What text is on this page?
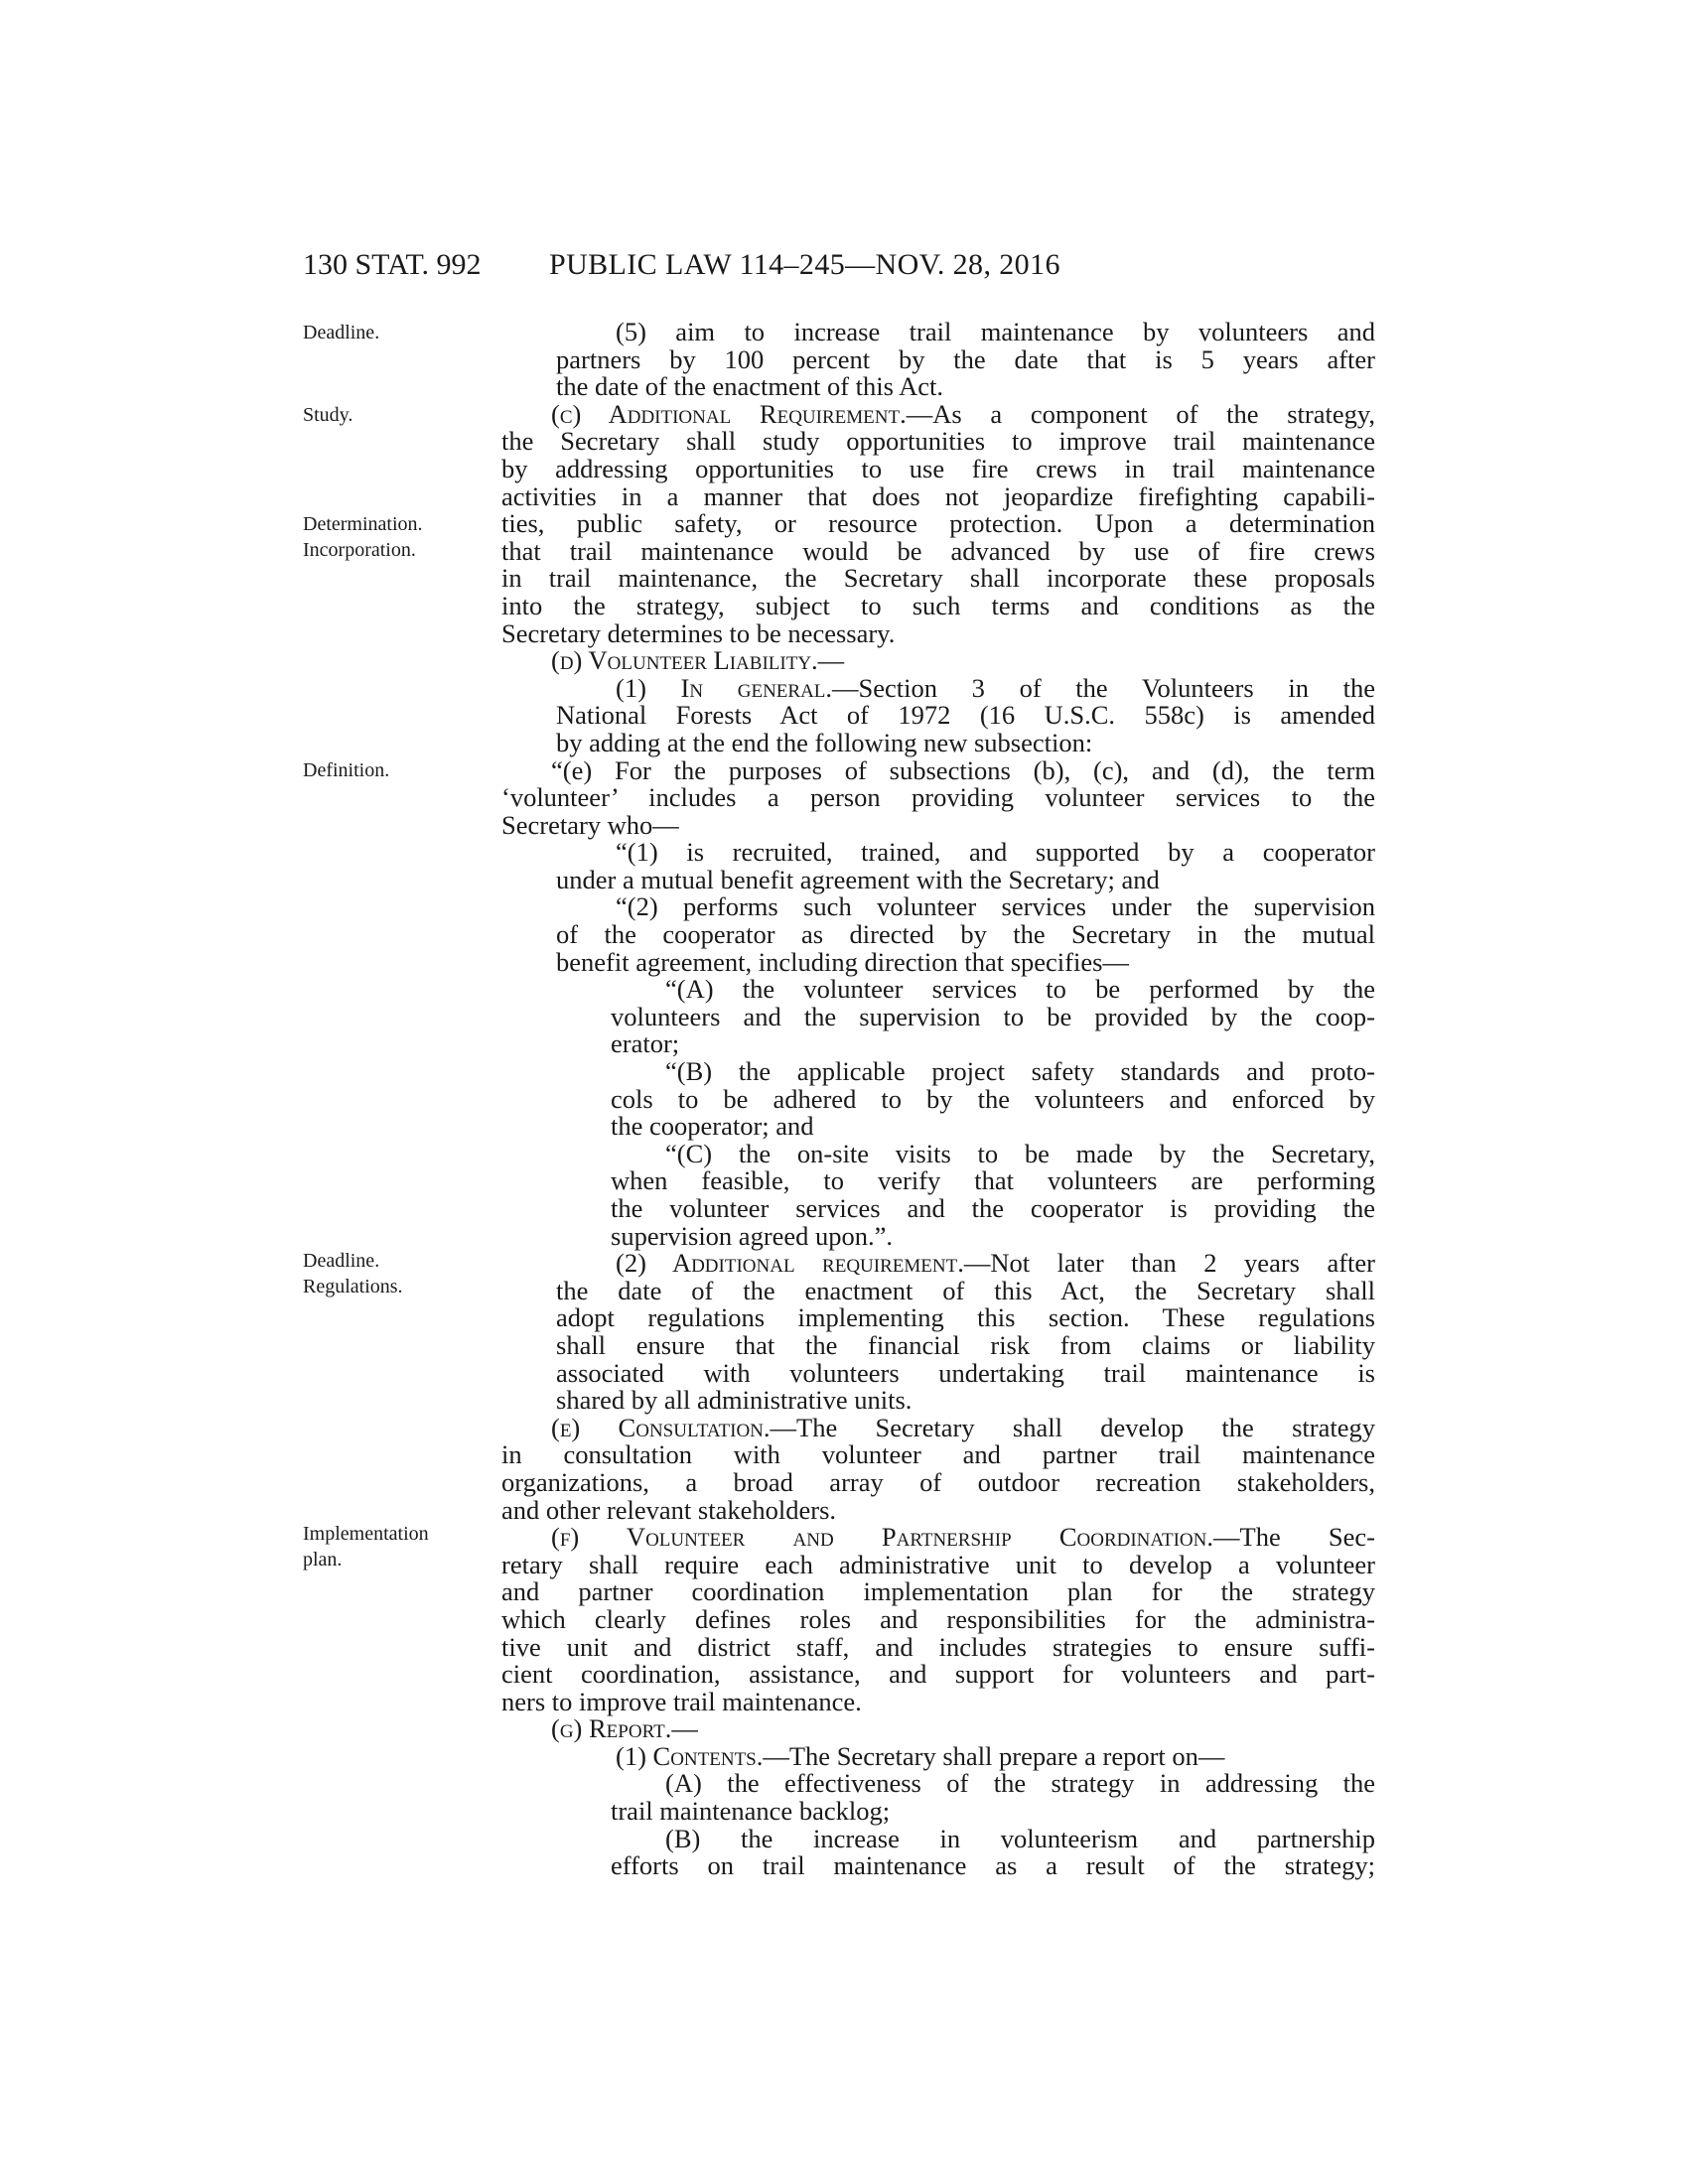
130 STAT. 992 PUBLIC LAW 114–245—NOV. 28, 2016
Deadline.
Study.
Determination.
Incorporation.
Definition.
Deadline.
Regulations.
Implementation
plan.
(5) aim to increase trail maintenance by volunteers and
partners by 100 percent by the date that is 5 years after
the date of the enactment of this Act.
(c) Additional Requirement.—As a component of the strategy,
the Secretary shall study opportunities to improve trail maintenance
by addressing opportunities to use fire crews in trail maintenance
activities in a manner that does not jeopardize firefighting capabili-
ties, public safety, or resource protection. Upon a determination
that trail maintenance would be advanced by use of fire crews
in trail maintenance, the Secretary shall incorporate these proposals
into the strategy, subject to such terms and conditions as the
Secretary determines to be necessary.
(d) Volunteer Liability.—
(1) In general.—Section 3 of the Volunteers in the
National Forests Act of 1972 (16 U.S.C. 558c) is amended
by adding at the end the following new subsection:
“(e) For the purposes of subsections (b), (c), and (d), the term
‘volunteer’ includes a person providing volunteer services to the
Secretary who—
“(1) is recruited, trained, and supported by a cooperator
under a mutual benefit agreement with the Secretary; and
“(2) performs such volunteer services under the supervision
of the cooperator as directed by the Secretary in the mutual
benefit agreement, including direction that specifies—
“(A) the volunteer services to be performed by the
volunteers and the supervision to be provided by the coop-
erator;
“(B) the applicable project safety standards and proto-
cols to be adhered to by the volunteers and enforced by
the cooperator; and
“(C) the on-site visits to be made by the Secretary,
when feasible, to verify that volunteers are performing
the volunteer services and the cooperator is providing the
supervision agreed upon.”.
(2) Additional requirement.—Not later than 2 years after
the date of the enactment of this Act, the Secretary shall
adopt regulations implementing this section. These regulations
shall ensure that the financial risk from claims or liability
associated with volunteers undertaking trail maintenance is
shared by all administrative units.
(e) Consultation.—The Secretary shall develop the strategy
in consultation with volunteer and partner trail maintenance
organizations, a broad array of outdoor recreation stakeholders,
and other relevant stakeholders.
(f) Volunteer and Partnership Coordination.—The Sec-
retary shall require each administrative unit to develop a volunteer
and partner coordination implementation plan for the strategy
which clearly defines roles and responsibilities for the administra-
tive unit and district staff, and includes strategies to ensure suffi-
cient coordination, assistance, and support for volunteers and part-
ners to improve trail maintenance.
(g) Report.—
(1) Contents.—The Secretary shall prepare a report on—
(A) the effectiveness of the strategy in addressing the
trail maintenance backlog;
(B) the increase in volunteerism and partnership
efforts on trail maintenance as a result of the strategy;
